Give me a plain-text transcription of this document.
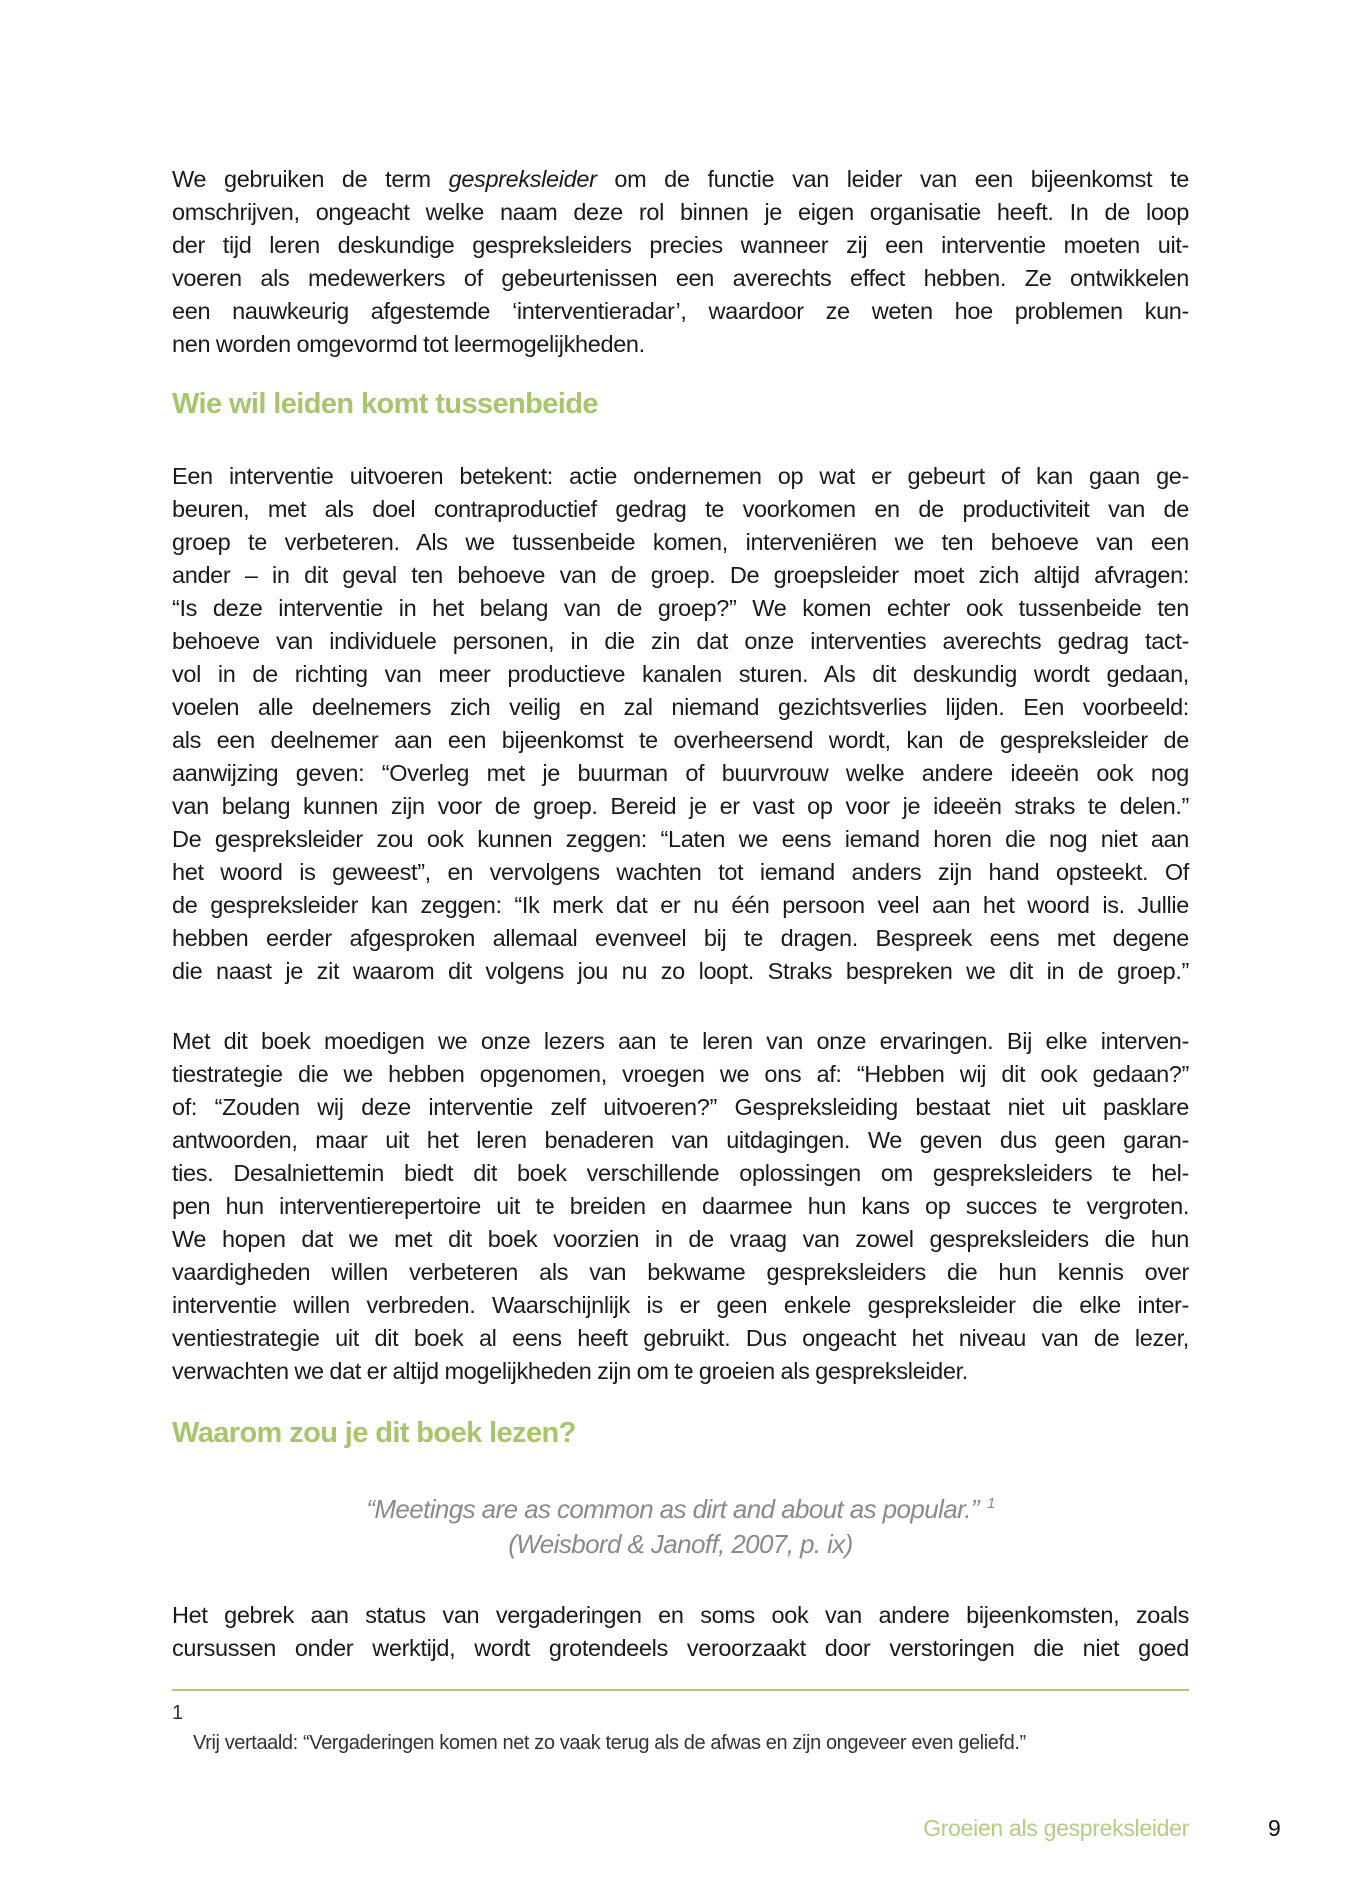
We gebruiken de term gespreksleider om de functie van leider van een bijeenkomst te
omschrijven, ongeacht welke naam deze rol binnen je eigen organisatie heeft. In de loop
der tijd leren deskundige gespreksleiders precies wanneer zij een interventie moeten uit-
voeren als medewerkers of gebeurtenissen een averechts effect hebben. Ze ontwikkelen
een nauwkeurig afgestemde ‘interventieradar’, waardoor ze weten hoe problemen kun-
nen worden omgevormd tot leermogelijkheden.
Wie wil leiden komt tussenbeide
Een interventie uitvoeren betekent: actie ondernemen op wat er gebeurt of kan gaan ge-
beuren, met als doel contraproductief gedrag te voorkomen en de productiviteit van de
groep te verbeteren. Als we tussenbeide komen, interveniëren we ten behoeve van een
ander – in dit geval ten behoeve van de groep. De groepsleider moet zich altijd afvragen:
“Is deze interventie in het belang van de groep?” We komen echter ook tussenbeide ten
behoeve van individuele personen, in die zin dat onze interventies averechts gedrag tact-
vol in de richting van meer productieve kanalen sturen. Als dit deskundig wordt gedaan,
voelen alle deelnemers zich veilig en zal niemand gezichtsverlies lijden. Een voorbeeld:
als een deelnemer aan een bijeenkomst te overheersend wordt, kan de gespreksleider de
aanwijzing geven: “Overleg met je buurman of buurvrouw welke andere ideeën ook nog
van belang kunnen zijn voor de groep. Bereid je er vast op voor je ideeën straks te delen.”
De gespreksleider zou ook kunnen zeggen: “Laten we eens iemand horen die nog niet aan
het woord is geweest”, en vervolgens wachten tot iemand anders zijn hand opsteekt. Of
de gespreksleider kan zeggen: “Ik merk dat er nu één persoon veel aan het woord is. Jullie
hebben eerder afgesproken allemaal evenveel bij te dragen. Bespreek eens met degene
die naast je zit waarom dit volgens jou nu zo loopt. Straks bespreken we dit in de groep.”
Met dit boek moedigen we onze lezers aan te leren van onze ervaringen. Bij elke interven-
tiestrategie die we hebben opgenomen, vroegen we ons af: “Hebben wij dit ook gedaan?”
of: “Zouden wij deze interventie zelf uitvoeren?” Gespreksleiding bestaat niet uit pasklare
antwoorden, maar uit het leren benaderen van uitdagingen. We geven dus geen garan-
ties. Desalniettemin biedt dit boek verschillende oplossingen om gespreksleiders te hel-
pen hun interventierepertoire uit te breiden en daarmee hun kans op succes te vergroten.
We hopen dat we met dit boek voorzien in de vraag van zowel gespreksleiders die hun
vaardigheden willen verbeteren als van bekwame gespreksleiders die hun kennis over
interventie willen verbreden. Waarschijnlijk is er geen enkele gespreksleider die elke inter-
ventiestrategie uit dit boek al eens heeft gebruikt. Dus ongeacht het niveau van de lezer,
verwachten we dat er altijd mogelijkheden zijn om te groeien als gespreksleider.
Waarom zou je dit boek lezen?
“Meetings are as common as dirt and about as popular.” $^1$
(Weisbord & Janoff, 2007, p. ix)
Het gebrek aan status van vergaderingen en soms ook van andere bijeenkomsten, zoals
cursussen onder werktijd, wordt grotendeels veroorzaakt door verstoringen die niet goed
1
Vrij vertaald: “Vergaderingen komen net zo vaak terug als de afwas en zijn ongeveer even geliefd.”
Groeien als gespreksleider	9
